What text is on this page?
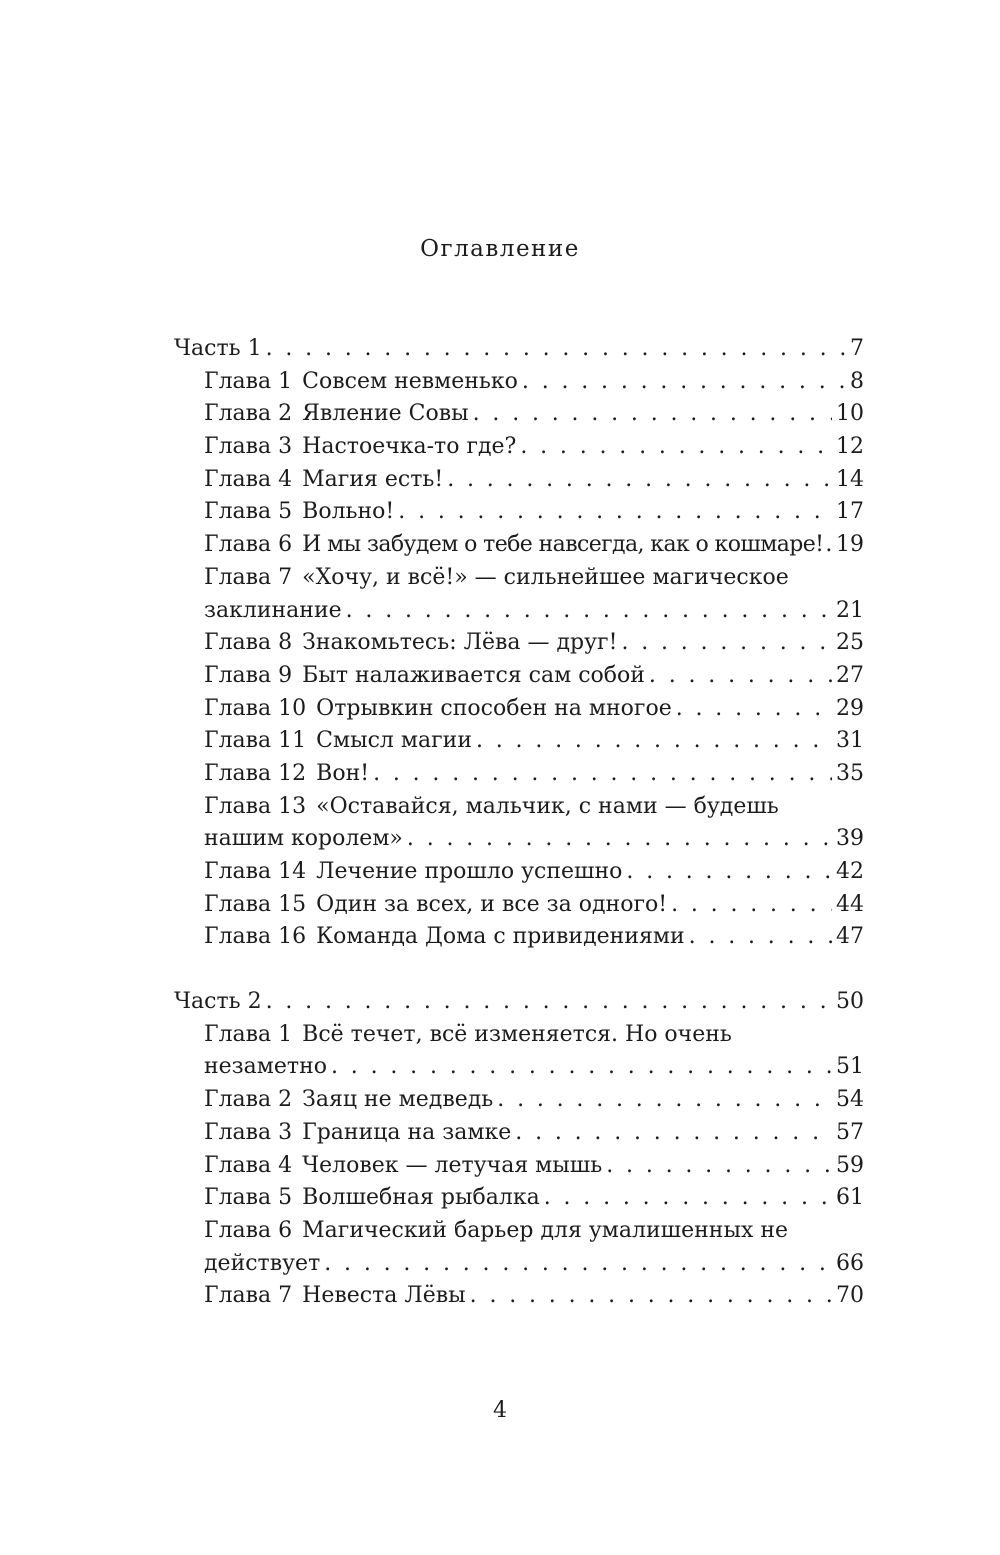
Оглавление
Часть 1 . . .	7
Глава 1 Совсем невменько . . .	8
Глава 2 Явление Совы . . .	10
Глава 3 Настоечка-то где? . . .	12
Глава 4 Магия есть! . . .	14
Глава 5 Вольно! . . .	17
Глава 6 И мы забудем о тебе навсегда, как о кошмаре! . . . 19
Глава 7 «Хочу, и всё!» — сильнейшее магическое
заклинание . . .	21
Глава 8 Знакомьтесь: Лёва — друг! . . .	25
Глава 9 Быт налаживается сам собой . . .	27
Глава 10 Отрывкин способен на многое . . .	29
Глава 11 Смысл магии . . .	31
Глава 12 Вон! . . .	35
Глава 13 «Оставайся, мальчик, с нами — будешь
нашим королем» . . .	39
Глава 14 Лечение прошло успешно . . .	42
Глава 15 Один за всех, и все за одного! . . .	44
Глава 16 Команда Дома с привидениями . . .	47
Часть 2 . . .	50
Глава 1 Всё течет, всё изменяется. Но очень
незаметно . . .	51
Глава 2 Заяц не медведь . . .	54
Глава 3 Граница на замке . . .	57
Глава 4 Человек — летучая мышь . . .	59
Глава 5 Волшебная рыбалка . . .	61
Глава 6 Магический барьер для умалишенных не
действует . . .	66
Глава 7 Невеста Лёвы . . .	70
4
